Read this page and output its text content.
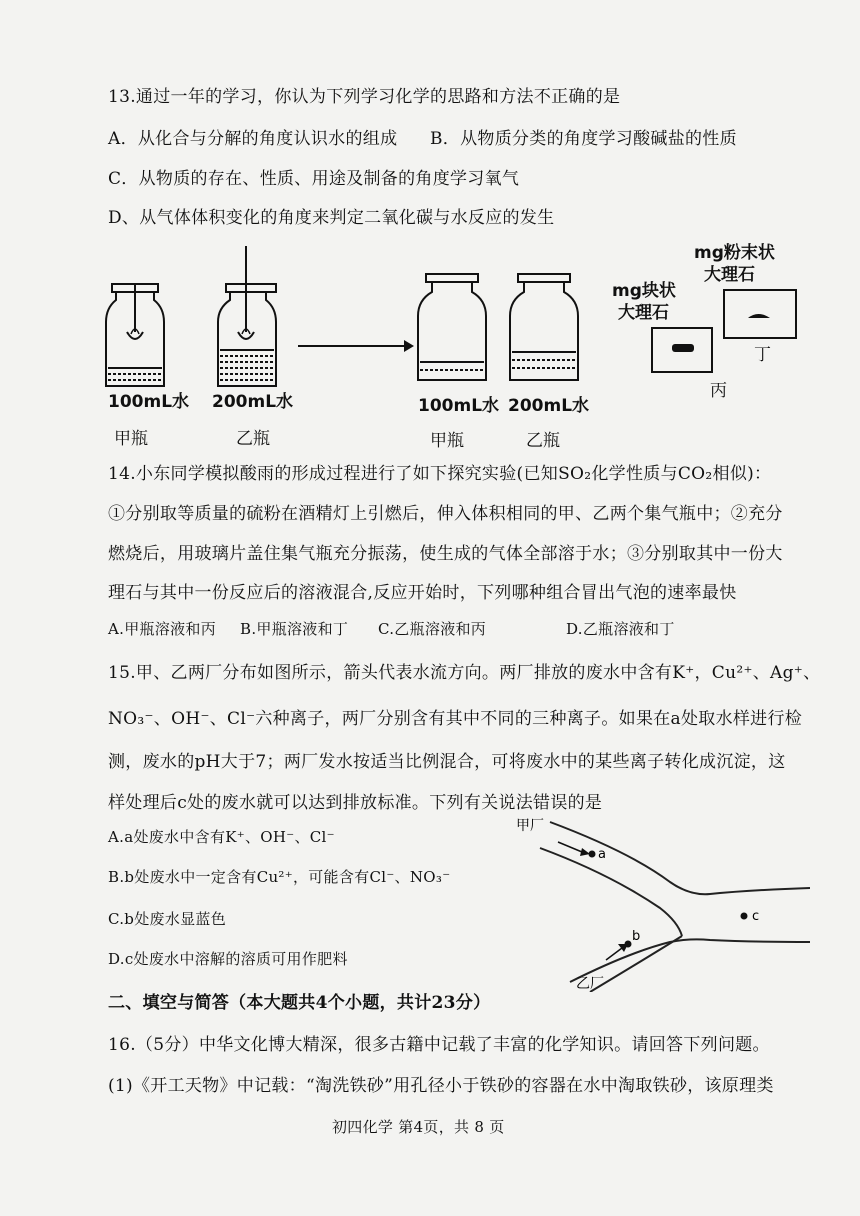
13.通过一年的学习，你认为下列学习化学的思路和方法不正确的是
A．从化合与分解的角度认识水的组成 B．从物质分类的角度学习酸碱盐的性质
C．从物质的存在、性质、用途及制备的角度学习氧气
D、从气体体积变化的角度来判定二氧化碳与水反应的发生
100mL水
甲瓶
200mL水
乙瓶
100mL水
甲瓶
200mL水
乙瓶
mg块状
大理石
mg粉末状
大理石
丙
丁
14.小东同学模拟酸雨的形成过程进行了如下探究实验(已知SO₂化学性质与CO₂相似)：
①分别取等质量的硫粉在酒精灯上引燃后，伸入体积相同的甲、乙两个集气瓶中；②充分
燃烧后，用玻璃片盖住集气瓶充分振荡，使生成的气体全部溶于水；③分别取其中一份大
理石与其中一份反应后的溶液混合,反应开始时，下列哪种组合冒出气泡的速率最快
A.甲瓶溶液和丙 B.甲瓶溶液和丁 C.乙瓶溶液和丙	D.乙瓶溶液和丁
15.甲、乙两厂分布如图所示，箭头代表水流方向。两厂排放的废水中含有K⁺，Cu²⁺、Ag⁺、
NO₃⁻、OH⁻、Cl⁻六种离子，两厂分别含有其中不同的三种离子。如果在a处取水样进行检
测，废水的pH大于7；两厂发水按适当比例混合，可将废水中的某些离子转化成沉淀，这
样处理后c处的废水就可以达到排放标准。下列有关说法错误的是
A.a处废水中含有K⁺、OH⁻、Cl⁻
B.b处废水中一定含有Cu²⁺，可能含有Cl⁻、NO₃⁻
C.b处废水显蓝色
D.c处废水中溶解的溶质可用作肥料
甲厂
a
b
c
乙厂
二、填空与简答（本大题共4个小题，共计23分）
16.（5分）中华文化博大精深，很多古籍中记载了丰富的化学知识。请回答下列问题。
(1)《开工天物》中记载：“淘洗铁砂”用孔径小于铁砂的容器在水中淘取铁砂，该原理类
初四化学 第4页，共 8 页
